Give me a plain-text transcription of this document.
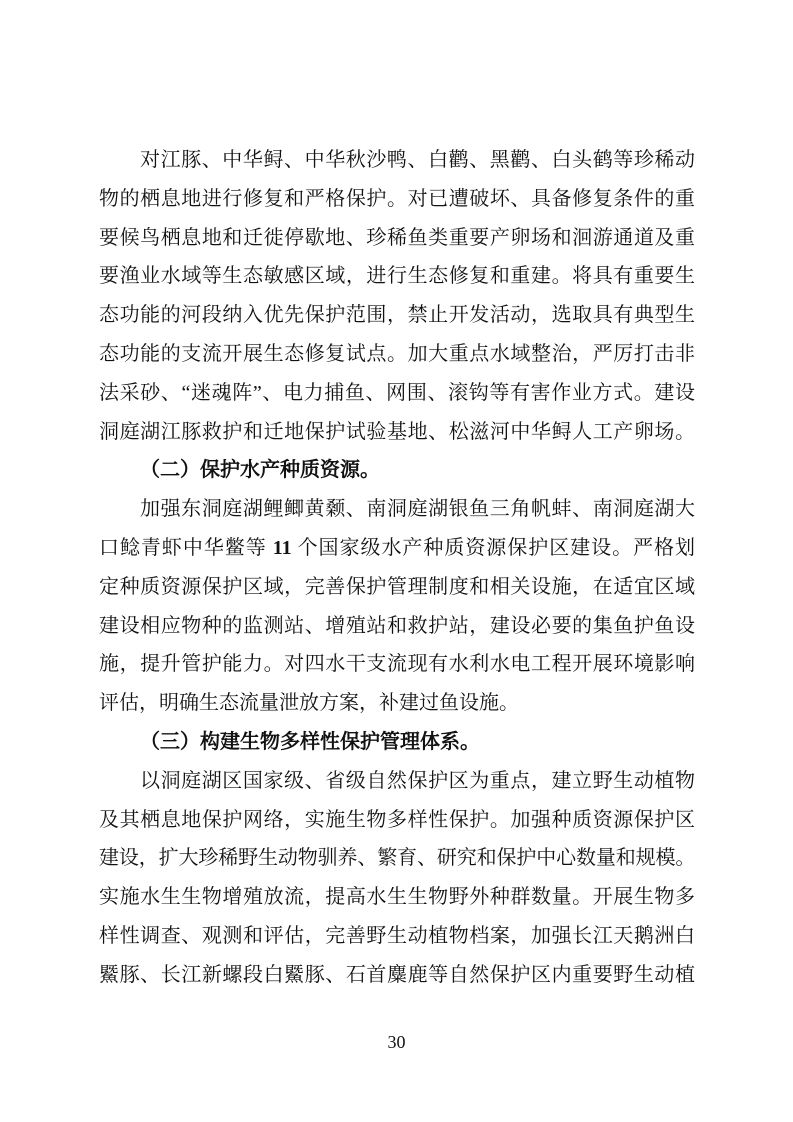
对江豚、中华鲟、中华秋沙鸭、白鹳、黑鹳、白头鹤等珍稀动
物的栖息地进行修复和严格保护。对已遭破坏、具备修复条件的重
要候鸟栖息地和迁徙停歇地、珍稀鱼类重要产卵场和洄游通道及重
要渔业水域等生态敏感区域，进行生态修复和重建。将具有重要生
态功能的河段纳入优先保护范围，禁止开发活动，选取具有典型生
态功能的支流开展生态修复试点。加大重点水域整治，严厉打击非
法采砂、“迷魂阵”、电力捕鱼、网围、滚钩等有害作业方式。建设
洞庭湖江豚救护和迁地保护试验基地、松滋河中华鲟人工产卵场。
（二）保护水产种质资源。
加强东洞庭湖鲤鲫黄颡、南洞庭湖银鱼三角帆蚌、南洞庭湖大
口鲶青虾中华鳖等 11 个国家级水产种质资源保护区建设。严格划
定种质资源保护区域，完善保护管理制度和相关设施，在适宜区域
建设相应物种的监测站、增殖站和救护站，建设必要的集鱼护鱼设
施，提升管护能力。对四水干支流现有水利水电工程开展环境影响
评估，明确生态流量泄放方案，补建过鱼设施。
（三）构建生物多样性保护管理体系。
以洞庭湖区国家级、省级自然保护区为重点，建立野生动植物
及其栖息地保护网络，实施生物多样性保护。加强种质资源保护区
建设，扩大珍稀野生动物驯养、繁育、研究和保护中心数量和规模。
实施水生生物增殖放流，提高水生生物野外种群数量。开展生物多
样性调查、观测和评估，完善野生动植物档案，加强长江天鹅洲白
鱀豚、长江新螺段白鱀豚、石首麋鹿等自然保护区内重要野生动植
30
